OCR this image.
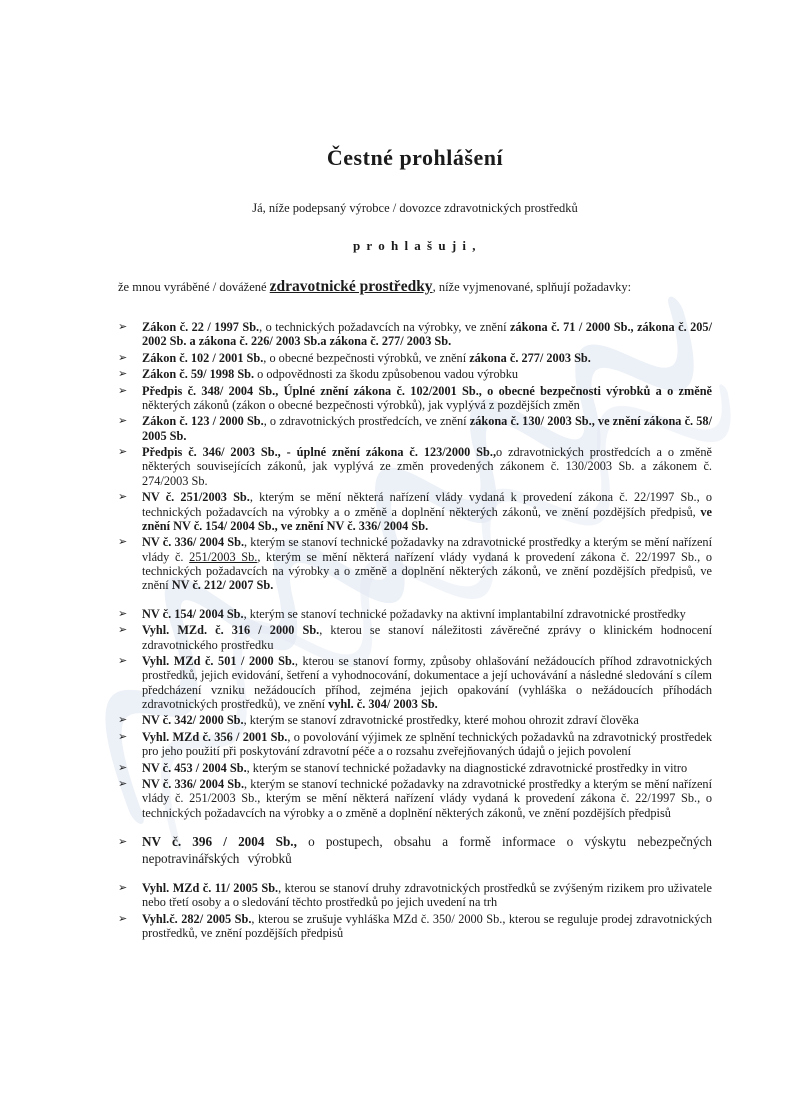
Čestné prohlášení
Já, níže podepsaný výrobce / dovozce zdravotnických prostředků
p r o h l a š u j i ,
že mnou vyráběné / dovážené zdravotnické prostředky, níže vyjmenované, splňují požadavky:
➢	Zákon č. 22 / 1997 Sb., o technických požadavcích na výrobky, ve znění zákona č. 71 / 2000 Sb., zákona č. 205/ 2002 Sb. a zákona č. 226/ 2003 Sb.a zákona č. 277/ 2003 Sb.
➢	Zákon č. 102 / 2001 Sb., o obecné bezpečnosti výrobků, ve znění zákona č. 277/ 2003 Sb.
➢	Zákon č. 59/ 1998 Sb. o odpovědnosti za škodu způsobenou vadou výrobku
➢	Předpis č. 348/ 2004 Sb., Úplné znění zákona č. 102/2001 Sb., o obecné bezpečnosti výrobků a o změně některých zákonů (zákon o obecné bezpečnosti výrobků), jak vyplývá z pozdějších změn
➢	Zákon č. 123 / 2000 Sb., o zdravotnických prostředcích, ve znění zákona č. 130/ 2003 Sb., ve znění zákona č. 58/ 2005 Sb.
➢	Předpis č. 346/ 2003 Sb., - úplné znění zákona č. 123/2000 Sb.,o zdravotnických prostředcích a o změně některých souvisejících zákonů, jak vyplývá ze změn provedených zákonem č. 130/2003 Sb. a zákonem č. 274/2003 Sb.
➢	NV č. 251/2003 Sb., kterým se mění některá nařízení vlády vydaná k provedení zákona č. 22/1997 Sb., o technických požadavcích na výrobky a o změně a doplnění některých zákonů, ve znění pozdějších předpisů, ve znění NV č. 154/ 2004 Sb., ve znění NV č. 336/ 2004 Sb.
➢	NV č. 336/ 2004 Sb., kterým se stanoví technické požadavky na zdravotnické prostředky a kterým se mění nařízení vlády č. 251/2003 Sb., kterým se mění některá nařízení vlády vydaná k provedení zákona č. 22/1997 Sb., o technických požadavcích na výrobky a o změně a doplnění některých zákonů, ve znění pozdějších předpisů, ve znění NV č. 212/ 2007 Sb.
➢	NV č. 154/ 2004 Sb., kterým se stanoví technické požadavky na aktivní implantabilní zdravotnické prostředky
➢	Vyhl. MZd. č. 316 / 2000 Sb., kterou se stanoví náležitosti závěrečné zprávy o klinickém hodnocení zdravotnického prostředku
➢	Vyhl. MZd č. 501 / 2000 Sb., kterou se stanoví formy, způsoby ohlašování nežádoucích příhod zdravotnických prostředků, jejich evidování, šetření a vyhodnocování, dokumentace a její uchovávání a následné sledování s cílem předcházení vzniku nežádoucích příhod, zejména jejich opakování (vyhláška o nežádoucích příhodách zdravotnických prostředků), ve znění vyhl. č. 304/ 2003 Sb.
➢	NV č. 342/ 2000 Sb., kterým se stanoví zdravotnické prostředky, které mohou ohrozit zdraví člověka
➢	Vyhl. MZd č. 356 / 2001 Sb., o povolování výjimek ze splnění technických požadavků na zdravotnický prostředek pro jeho použití při poskytování zdravotní péče a o rozsahu zveřejňovaných údajů o jejich povolení
➢	NV č. 453 / 2004 Sb., kterým se stanoví technické požadavky na diagnostické zdravotnické prostředky in vitro
➢	NV č. 336/ 2004 Sb., kterým se stanoví technické požadavky na zdravotnické prostředky a kterým se mění nařízení vlády č. 251/2003 Sb., kterým se mění některá nařízení vlády vydaná k provedení zákona č. 22/1997 Sb., o technických požadavcích na výrobky a o změně a doplnění některých zákonů, ve znění pozdějších předpisů
➢	NV č. 396 / 2004 Sb., o postupech, obsahu a formě informace o výskytu nebezpečných nepotravinářských výrobků
➢	Vyhl. MZd č. 11/ 2005 Sb., kterou se stanoví druhy zdravotnických prostředků se zvýšeným rizikem pro uživatele nebo třetí osoby a o sledování těchto prostředků po jejich uvedení na trh
➢	Vyhl.č. 282/ 2005 Sb., kterou se zrušuje vyhláška MZd č. 350/ 2000 Sb., kterou se reguluje prodej zdravotnických prostředků, ve znění pozdějších předpisů
